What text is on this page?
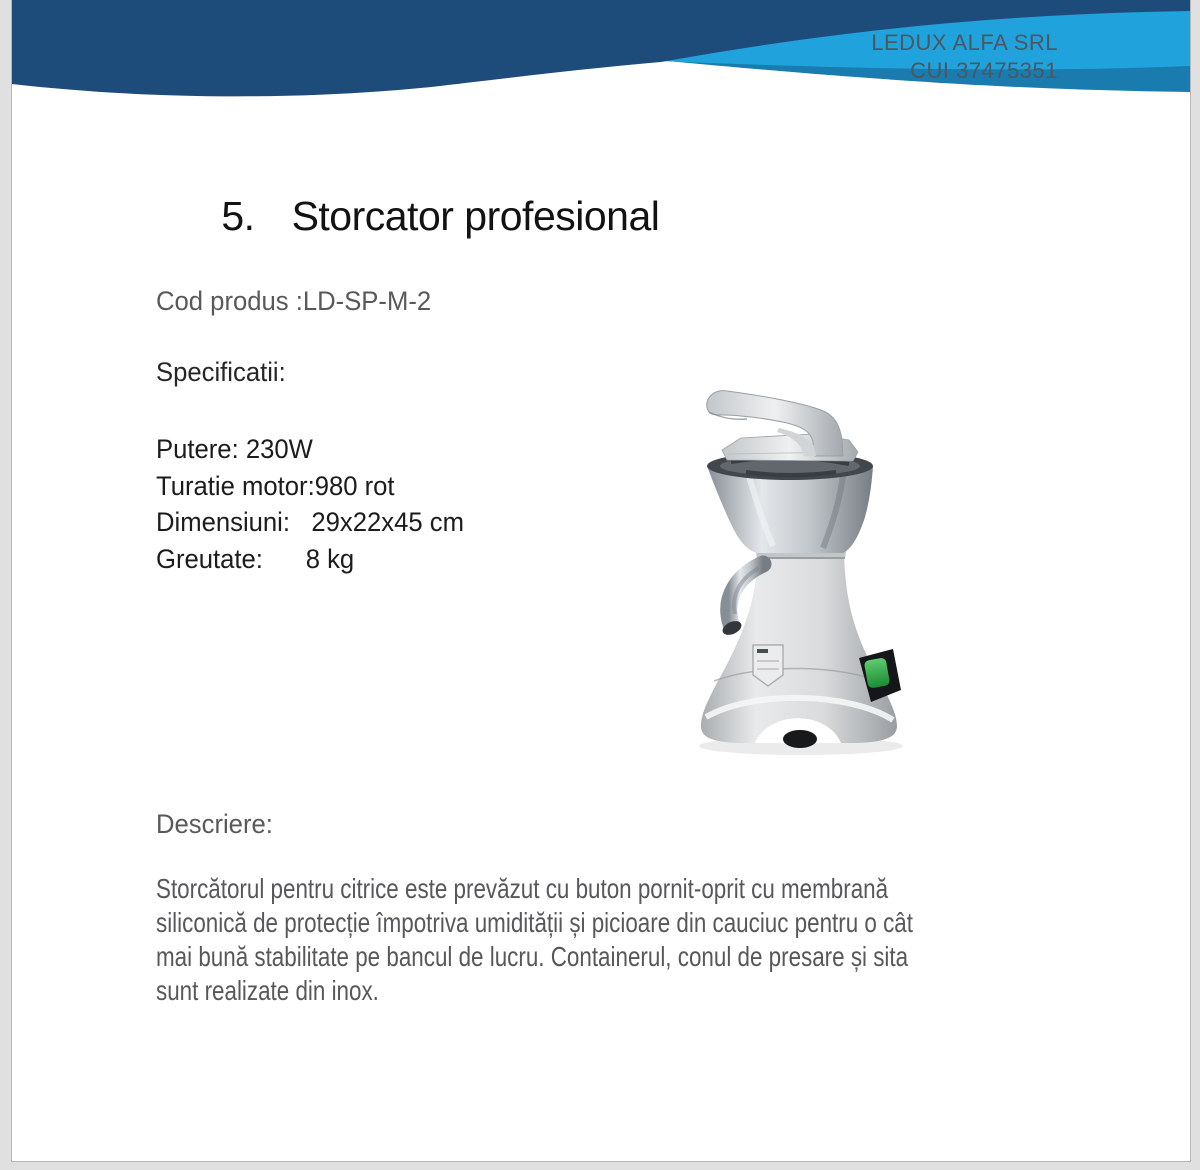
LEDUX ALFA SRL
CUI 37475351

5. Storcator profesional

Cod produs :LD-SP-M-2
Specificatii:
Putere: 230W
Turatie motor:980 rot
Dimensiuni:   29x22x45 cm
Greutate:      8 kg
Descriere:
Storcătorul pentru citrice este prevăzut cu buton pornit-oprit cu membrană
siliconică de protecție împotriva umidității și picioare din cauciuc pentru o cât
mai bună stabilitate pe bancul de lucru. Containerul, conul de presare și sita
sunt realizate din inox.
